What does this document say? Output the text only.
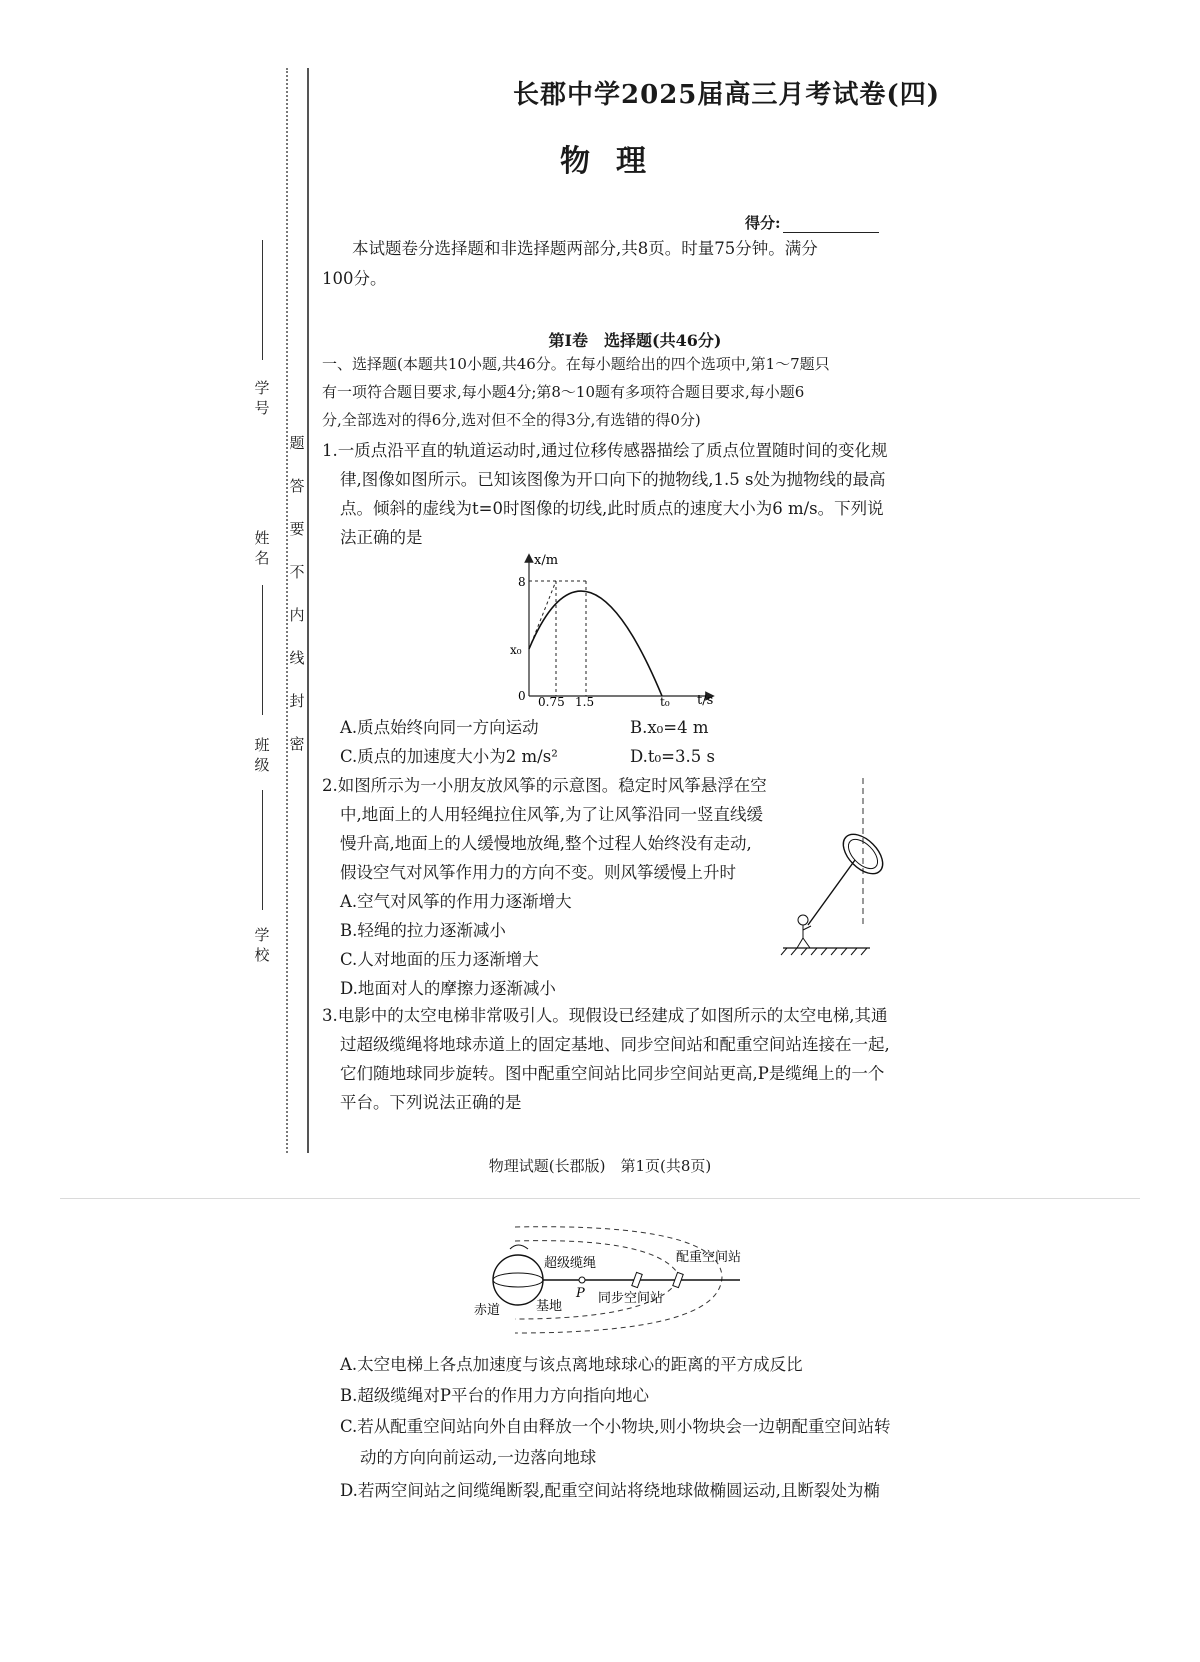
学号
姓名
班级
学校
题
答
要
不
内
线
封
密
长郡中学2025届高三月考试卷(四)
物理
得分:
本试题卷分选择题和非选择题两部分,共8页。时量75分钟。满分
100分。
第Ⅰ卷　选择题(共46分)
一、选择题(本题共10小题,共46分。在每小题给出的四个选项中,第1～7题只
有一项符合题目要求,每小题4分;第8～10题有多项符合题目要求,每小题6
分,全部选对的得6分,选对但不全的得3分,有选错的得0分)
1.一质点沿平直的轨道运动时,通过位移传感器描绘了质点位置随时间的变化规
律,图像如图所示。已知该图像为开口向下的抛物线,1.5 s处为抛物线的最高
点。倾斜的虚线为t=0时图像的切线,此时质点的速度大小为6 m/s。下列说
法正确的是
x/m
t/s
8
x₀
0 0.75 1.5	t₀
A.质点始终向同一方向运动	B.x₀=4 m
C.质点的加速度大小为2 m/s²	D.t₀=3.5 s
2.如图所示为一小朋友放风筝的示意图。稳定时风筝悬浮在空
中,地面上的人用轻绳拉住风筝,为了让风筝沿同一竖直线缓
慢升高,地面上的人缓慢地放绳,整个过程人始终没有走动,
假设空气对风筝作用力的方向不变。则风筝缓慢上升时
A.空气对风筝的作用力逐渐增大
B.轻绳的拉力逐渐减小
C.人对地面的压力逐渐增大
D.地面对人的摩擦力逐渐减小
3.电影中的太空电梯非常吸引人。现假设已经建成了如图所示的太空电梯,其通
过超级缆绳将地球赤道上的固定基地、同步空间站和配重空间站连接在一起,
它们随地球同步旋转。图中配重空间站比同步空间站更高,P是缆绳上的一个
平台。下列说法正确的是
物理试题(长郡版)　第1页(共8页)
超级缆绳	配重空间站
P
赤道	基地
同步空间站
A.太空电梯上各点加速度与该点离地球球心的距离的平方成反比
B.超级缆绳对P平台的作用力方向指向地心
C.若从配重空间站向外自由释放一个小物块,则小物块会一边朝配重空间站转
动的方向向前运动,一边落向地球
D.若两空间站之间缆绳断裂,配重空间站将绕地球做椭圆运动,且断裂处为椭
